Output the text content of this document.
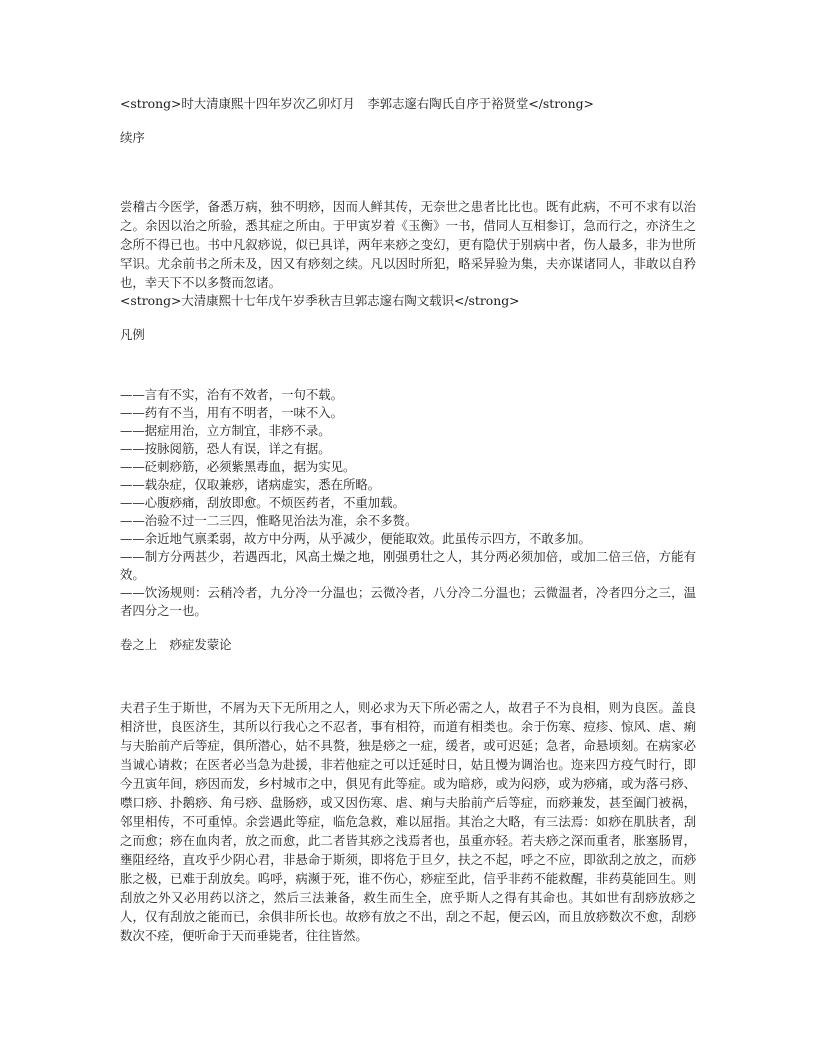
<strong>时大清康熙十四年岁次乙卯灯月　李郭志邃右陶氏自序于裕贤堂</strong>
续序
尝稽古今医学，备悉万病，独不明痧，因而人鲜其传，无奈世之患者比比也。既有此病，不可不求有以治之。余因以治之所验，悉其症之所由。于甲寅岁着《玉衡》一书，借同人互相参订，急而行之，亦济生之念所不得已也。书中凡叙痧说，似已具详，两年来痧之变幻，更有隐伏于别病中者，伤人最多，非为世所罕识。尤余前书之所未及，因又有痧刻之续。凡以因时所犯，略采异验为集，夫亦谋诸同人，非敢以自矜也，幸天下不以多赘而忽诸。
<strong>大清康熙十七年戊午岁季秋吉旦郭志邃右陶文载识</strong>
凡例
——言有不实，治有不效者，一句不载。
——药有不当，用有不明者，一味不入。
——据症用治，立方制宜，非痧不录。
——按脉阅筋，恐人有误，详之有据。
——砭刺痧筋，必须紫黑毒血，据为实见。
——载杂症，仅取兼痧，诸病虚实，悉在所略。
——心腹痧痛，刮放即愈。不烦医药者，不重加载。
——治验不过一二三四，惟略见治法为准，余不多赘。
——余近地气禀柔弱，故方中分两，从乎减少，便能取效。此虽传示四方，不敢多加。
——制方分两甚少，若遇西北，风高土燥之地，刚强勇壮之人，其分两必须加倍，或加二倍三倍，方能有效。
——饮汤规则：云稍冷者，九分冷一分温也；云微冷者，八分冷二分温也；云微温者，冷者四分之三，温者四分之一也。
卷之上　痧症发蒙论
夫君子生于斯世，不屑为天下无所用之人，则必求为天下所必需之人，故君子不为良相，则为良医。盖良相济世，良医济生，其所以行我心之不忍者，事有相符，而道有相类也。余于伤寒、痘疹、惊风、虐、痢与夫胎前产后等症，俱所潜心，姑不具赘，独是痧之一症，缓者，或可迟延；急者，命悬顷刻。在病家必当诚心请救；在医者必当急为赴援，非若他症之可以迁延时日，姑且慢为调治也。迩来四方疫气时行，即今丑寅年间，痧因而发，乡村城市之中，俱见有此等症。或为暗痧，或为闷痧，或为痧痛，或为落弓痧、噤口痧、扑鹅痧、角弓痧、盘肠痧，或又因伤寒、虐、痢与夫胎前产后等症，而痧兼发，甚至阖门被祸，邻里相传，不可重悼。余尝遇此等症，临危急救，难以屈指。其治之大略，有三法焉：如痧在肌肤者，刮之而愈；痧在血肉者，放之而愈，此二者皆其痧之浅焉者也，虽重亦轻。若夫痧之深而重者，胀塞肠胃，壅阻经络，直攻乎少阴心君，非悬命于斯须，即将危于旦夕，扶之不起，呼之不应，即欲刮之放之，而痧胀之极，已难于刮放矣。呜呼，病濒于死，谁不伤心，痧症至此，信乎非药不能救醒，非药莫能回生。则刮放之外又必用药以济之，然后三法兼备，救生而生全，庶乎斯人之得有其命也。其如世有刮痧放痧之人，仅有刮放之能而已，余俱非所长也。故痧有放之不出，刮之不起，便云凶，而且放痧数次不愈，刮痧数次不痊，便听命于天而垂毙者，往往皆然。
